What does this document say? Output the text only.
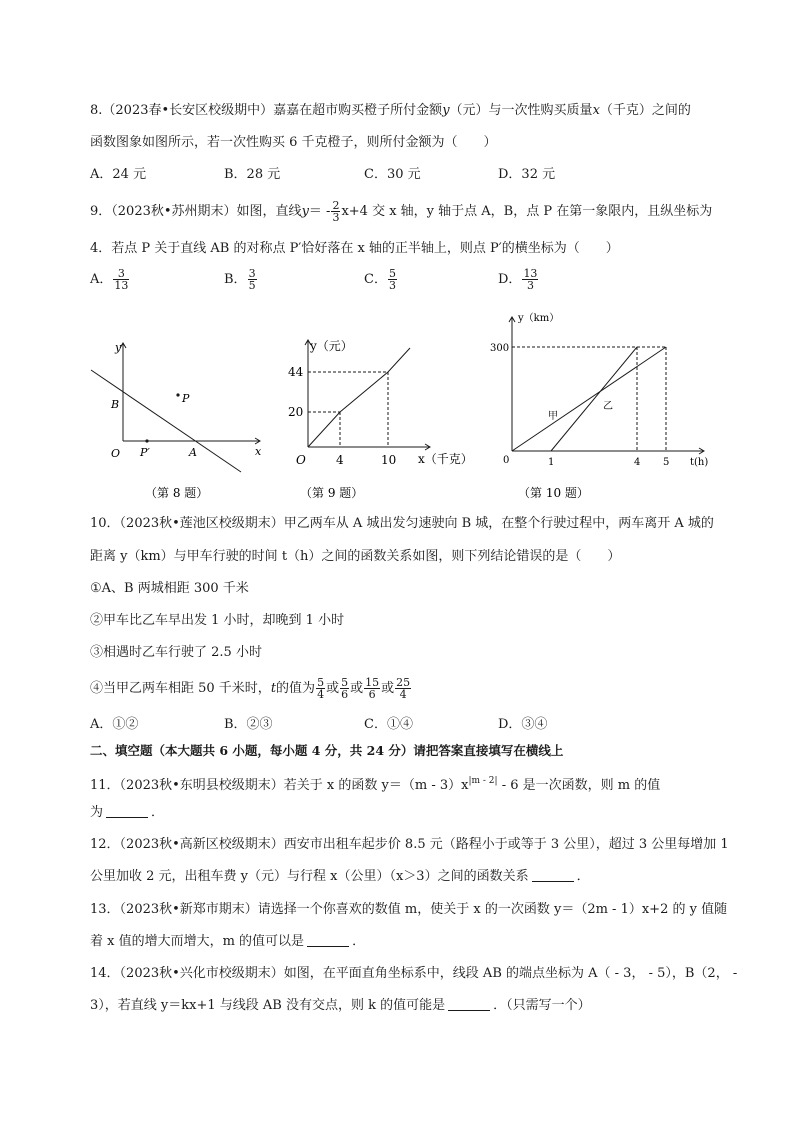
8.（2023春•长安区校级期中）嘉嘉在超市购买橙子所付金额y（元）与一次性购买质量x（千克）之间的
函数图象如图所示，若一次性购买 6 千克橙子，则所付金额为（　　）
A．24 元	B．28 元	C．30 元	D．32 元
9．（2023秋•苏州期末）如图，直线$y= - \frac{2}{3} x+4$ 交 x 轴，y 轴于点 A，B，点 P 在第一象限内，且纵坐标为
4．若点 P 关于直线 AB 的对称点 P′恰好落在 x 轴的正半轴上，则点 P′的横坐标为（　　）
A． $\frac{3}{13}$	B． $\frac{3}{5}$	C． $\frac{5}{3}$	D． $\frac{13}{3}$
y
x
O
B	P
P′	A
（第 8 题）
y（元）
x（千克）
O
44
20
4	10
（第 9 题）
y（km）
t(h)
0
300
1	4 5
甲
乙
（第 10 题）
10．（2023秋•莲池区校级期末）甲乙两车从 A 城出发匀速驶向 B 城，在整个行驶过程中，两车离开 A 城的
距离 y（km）与甲车行驶的时间 t（h）之间的函数关系如图，则下列结论错误的是（　　）
①A、B 两城相距 300 千米
②甲车比乙车早出发 1 小时，却晚到 1 小时
③相遇时乙车行驶了 2.5 小时
④当甲乙两车相距 50 千米时，t的值为 $\frac{5}{4}$ 或 $\frac{5}{6}$ 或 $\frac{15}{6}$ 或 $\frac{25}{4}$
A．①②	B．②③	C．①④	D．③④
二、填空题（本大题共 6 小题，每小题 4 分，共 24 分）请把答案直接填写在横线上
11．（2023秋•东明县校级期末）若关于 x 的函数 $y=(m - 3)x^{|m - 2|} - 6$ 是一次函数，则 m 的值
为	．
12．（2023秋•高新区校级期末）西安市出租车起步价 8.5 元（路程小于或等于 3 公里），超过 3 公里每增加 1
公里加收 2 元，出租车费 y（元）与行程 x（公里）（x＞3）之间的函数关系	．
13．（2023秋•新郑市期末）请选择一个你喜欢的数值 m，使关于 x 的一次函数 y＝（2m - 1）x+2 的 y 值随
着 x 值的增大而增大，m 的值可以是	．
14．（2023秋•兴化市校级期末）如图，在平面直角坐标系中，线段 AB 的端点坐标为 A（ - 3， - 5），B（2， -
3），若直线 y＝kx+1 与线段 AB 没有交点，则 k 的值可能是	．（只需写一个）
